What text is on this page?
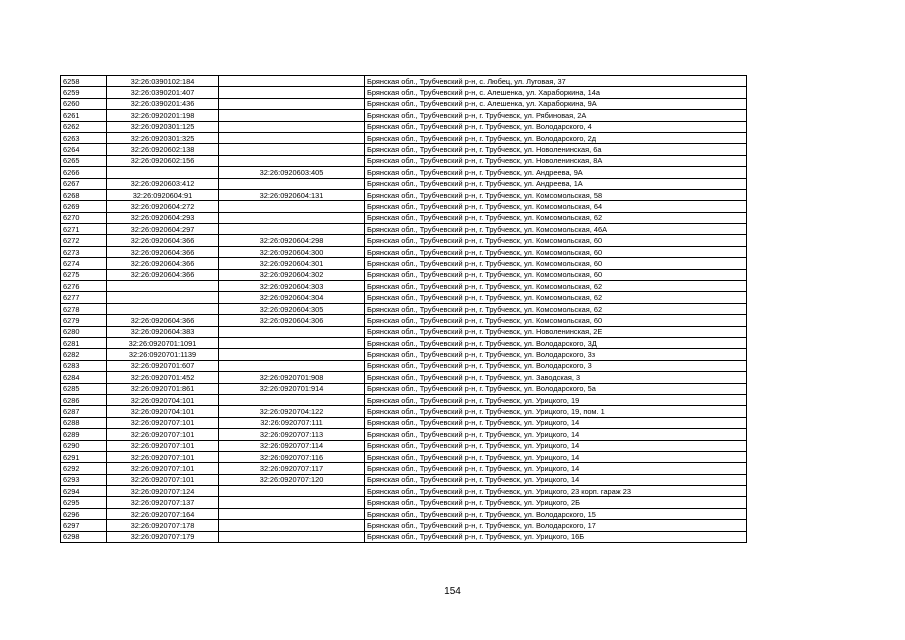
6258	32:26:0390102:184		Брянская обл., Трубчевский р-н, с. Любец, ул. Луговая, 37
6259	32:26:0390201:407		Брянская обл., Трубчевский р-н, с. Алешенка, ул. Хараборкина, 14а
6260	32:26:0390201:436		Брянская обл., Трубчевский р-н, с. Алешенка, ул. Хараборкина, 9А
6261	32:26:0920201:198		Брянская обл., Трубчевский р-н, г. Трубчевск, ул. Рябиновая, 2А
6262	32:26:0920301:125		Брянская обл., Трубчевский р-н, г. Трубчевск, ул. Володарского, 4
6263	32:26:0920301:325		Брянская обл., Трубчевский р-н, г. Трубчевск, ул. Володарского, 2д
6264	32:26:0920602:138		Брянская обл., Трубчевский р-н, г. Трубчевск, ул. Новоленинская, 6а
6265	32:26:0920602:156		Брянская обл., Трубчевский р-н, г. Трубчевск, ул. Новоленинская, 8А
6266		32:26:0920603:405	Брянская обл., Трубчевский р-н, г. Трубчевск, ул. Андреева, 9А
6267	32:26:0920603:412		Брянская обл., Трубчевский р-н, г. Трубчевск, ул. Андреева, 1А
6268	32:26:0920604:91	32:26:0920604:131	Брянская обл., Трубчевский р-н, г. Трубчевск, ул. Комсомольская, 58
6269	32:26:0920604:272		Брянская обл., Трубчевский р-н, г. Трубчевск, ул. Комсомольская, 64
6270	32:26:0920604:293		Брянская обл., Трубчевский р-н, г. Трубчевск, ул. Комсомольская, 62
6271	32:26:0920604:297		Брянская обл., Трубчевский р-н, г. Трубчевск, ул. Комсомольская, 46А
6272	32:26:0920604:366	32:26:0920604:298	Брянская обл., Трубчевский р-н, г. Трубчевск, ул. Комсомольская, 60
6273	32:26:0920604:366	32:26:0920604:300	Брянская обл., Трубчевский р-н, г. Трубчевск, ул. Комсомольская, 60
6274	32:26:0920604:366	32:26:0920604:301	Брянская обл., Трубчевский р-н, г. Трубчевск, ул. Комсомольская, 60
6275	32:26:0920604:366	32:26:0920604:302	Брянская обл., Трубчевский р-н, г. Трубчевск, ул. Комсомольская, 60
6276		32:26:0920604:303	Брянская обл., Трубчевский р-н, г. Трубчевск, ул. Комсомольская, 62
6277		32:26:0920604:304	Брянская обл., Трубчевский р-н, г. Трубчевск, ул. Комсомольская, 62
6278		32:26:0920604:305	Брянская обл., Трубчевский р-н, г. Трубчевск, ул. Комсомольская, 62
6279	32:26:0920604:366	32:26:0920604:306	Брянская обл., Трубчевский р-н, г. Трубчевск, ул. Комсомольская, 60
6280	32:26:0920604:383		Брянская обл., Трубчевский р-н, г. Трубчевск, ул. Новоленинская, 2Е
6281	32:26:0920701:1091		Брянская обл., Трубчевский р-н, г. Трубчевск, ул. Володарского, 3Д
6282	32:26:0920701:1139		Брянская обл., Трубчевский р-н, г. Трубчевск, ул. Володарского, 3з
6283	32:26:0920701:607		Брянская обл., Трубчевский р-н, г. Трубчевск, ул. Володарского, 3
6284	32:26:0920701:452	32:26:0920701:908	Брянская обл., Трубчевский р-н, г. Трубчевск, ул. Заводская, 3
6285	32:26:0920701:861	32:26:0920701:914	Брянская обл., Трубчевский р-н, г. Трубчевск, ул. Володарского, 5а
6286	32:26:0920704:101		Брянская обл., Трубчевский р-н, г. Трубчевск, ул. Урицкого, 19
6287	32:26:0920704:101	32:26:0920704:122	Брянская обл., Трубчевский р-н, г. Трубчевск, ул. Урицкого, 19, пом. 1
6288	32:26:0920707:101	32:26:0920707:111	Брянская обл., Трубчевский р-н, г. Трубчевск, ул. Урицкого, 14
6289	32:26:0920707:101	32:26:0920707:113	Брянская обл., Трубчевский р-н, г. Трубчевск, ул. Урицкого, 14
6290	32:26:0920707:101	32:26:0920707:114	Брянская обл., Трубчевский р-н, г. Трубчевск, ул. Урицкого, 14
6291	32:26:0920707:101	32:26:0920707:116	Брянская обл., Трубчевский р-н, г. Трубчевск, ул. Урицкого, 14
6292	32:26:0920707:101	32:26:0920707:117	Брянская обл., Трубчевский р-н, г. Трубчевск, ул. Урицкого, 14
6293	32:26:0920707:101	32:26:0920707:120	Брянская обл., Трубчевский р-н, г. Трубчевск, ул. Урицкого, 14
6294	32:26:0920707:124		Брянская обл., Трубчевский р-н, г. Трубчевск, ул. Урицкого, 23 корп. гараж 23
6295	32:26:0920707:137		Брянская обл., Трубчевский р-н, г. Трубчевск, ул. Урицкого, 2Б
6296	32:26:0920707:164		Брянская обл., Трубчевский р-н, г. Трубчевск, ул. Володарского, 15
6297	32:26:0920707:178		Брянская обл., Трубчевский р-н, г. Трубчевск, ул. Володарского, 17
6298	32:26:0920707:179		Брянская обл., Трубчевский р-н, г. Трубчевск, ул. Урицкого, 16Б
154
